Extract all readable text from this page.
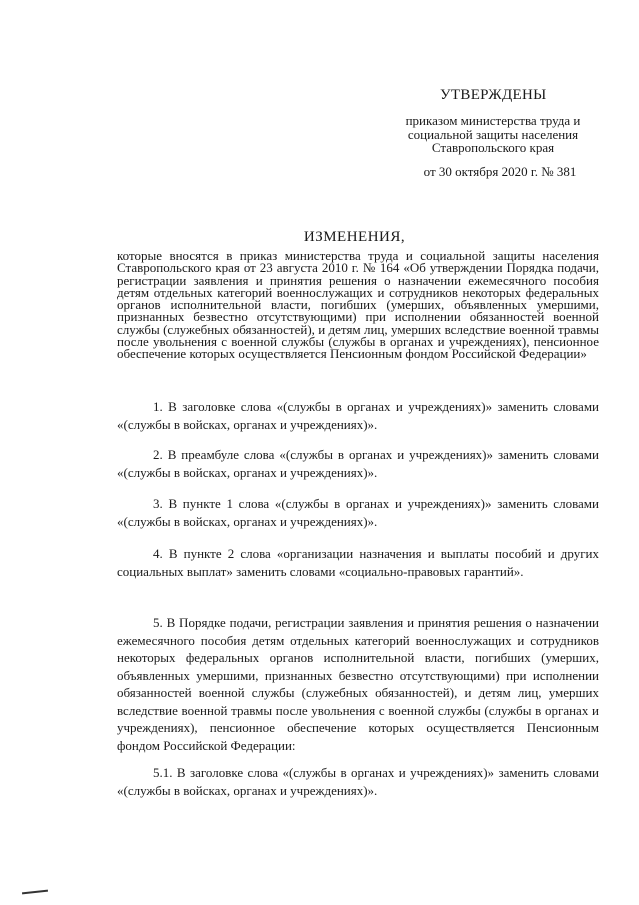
УТВЕРЖДЕНЫ
приказом министерства труда и
социальной защиты населения
Ставропольского края
от 30 октября 2020 г. № 381
ИЗМЕНЕНИЯ,
которые вносятся в приказ министерства труда и социальной защиты населения Ставропольского края от 23 августа 2010 г. № 164 «Об утверждении Порядка подачи, регистрации заявления и принятия решения о назначении ежемесячного пособия детям отдельных категорий военнослужащих и сотрудников некоторых федеральных органов исполнительной власти, погибших (умерших, объявленных умершими, признанных безвестно отсутствующими) при исполнении обязанностей военной службы (служебных обязанностей), и детям лиц, умерших вследствие военной травмы после увольнения с военной службы (службы в органах и учреждениях), пенсионное обеспечение которых осуществляется Пенсионным фондом Российской Федерации»
1. В заголовке слова «(службы в органах и учреждениях)» заменить словами «(службы в войсках, органах и учреждениях)».
2. В преамбуле слова «(службы в органах и учреждениях)» заменить словами «(службы в войсках, органах и учреждениях)».
3. В пункте 1 слова «(службы в органах и учреждениях)» заменить словами «(службы в войсках, органах и учреждениях)».
4. В пункте 2 слова «организации назначения и выплаты пособий и других социальных выплат» заменить словами «социально-правовых гарантий».
5. В Порядке подачи, регистрации заявления и принятия решения о назначении ежемесячного пособия детям отдельных категорий военнослужащих и сотрудников некоторых федеральных органов исполнительной власти, погибших (умерших, объявленных умершими, признанных безвестно отсутствующими) при исполнении обязанностей военной службы (служебных обязанностей), и детям лиц, умерших вследствие военной травмы после увольнения с военной службы (службы в органах и учреждениях), пенсионное обеспечение которых осуществляется Пенсионным фондом Российской Федерации:
5.1. В заголовке слова «(службы в органах и учреждениях)» заменить словами «(службы в войсках, органах и учреждениях)».
